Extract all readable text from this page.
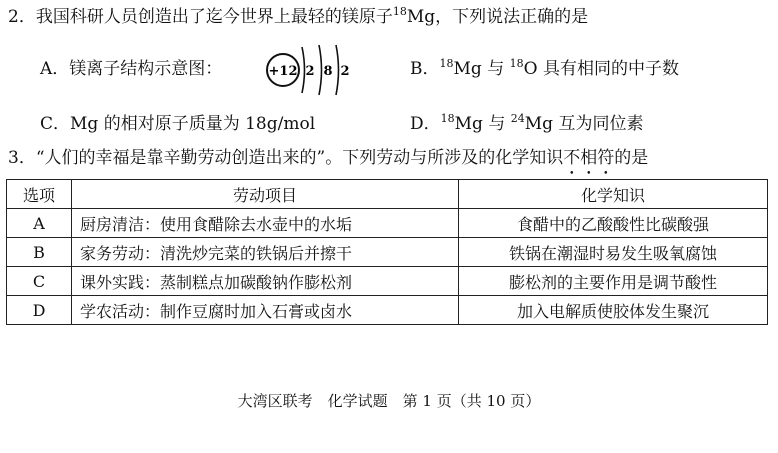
2．我国科研人员创造出了迄今世界上最轻的镁原子$^{18}$Mg，下列说法正确的是
A．镁离子结构示意图：	+12 2 8 2	B．$^{18}$Mg 与 $^{18}$O 具有相同的中子数
C．Mg 的相对原子质量为 18g/mol	D．$^{18}$Mg 与 $^{24}$Mg 互为同位素
3．“人们的幸福是靠辛勤劳动创造出来的”。下列劳动与所涉及的化学知识不相符的是
选项	劳动项目	化学知识
A	厨房清洁：使用食醋除去水壶中的水垢	食醋中的乙酸酸性比碳酸强
B	家务劳动：清洗炒完菜的铁锅后并擦干	铁锅在潮湿时易发生吸氧腐蚀
C	课外实践：蒸制糕点加碳酸钠作膨松剂	膨松剂的主要作用是调节酸性
D	学农活动：制作豆腐时加入石膏或卤水	加入电解质使胶体发生聚沉
大湾区联考　化学试题　第 1 页（共 10 页）
